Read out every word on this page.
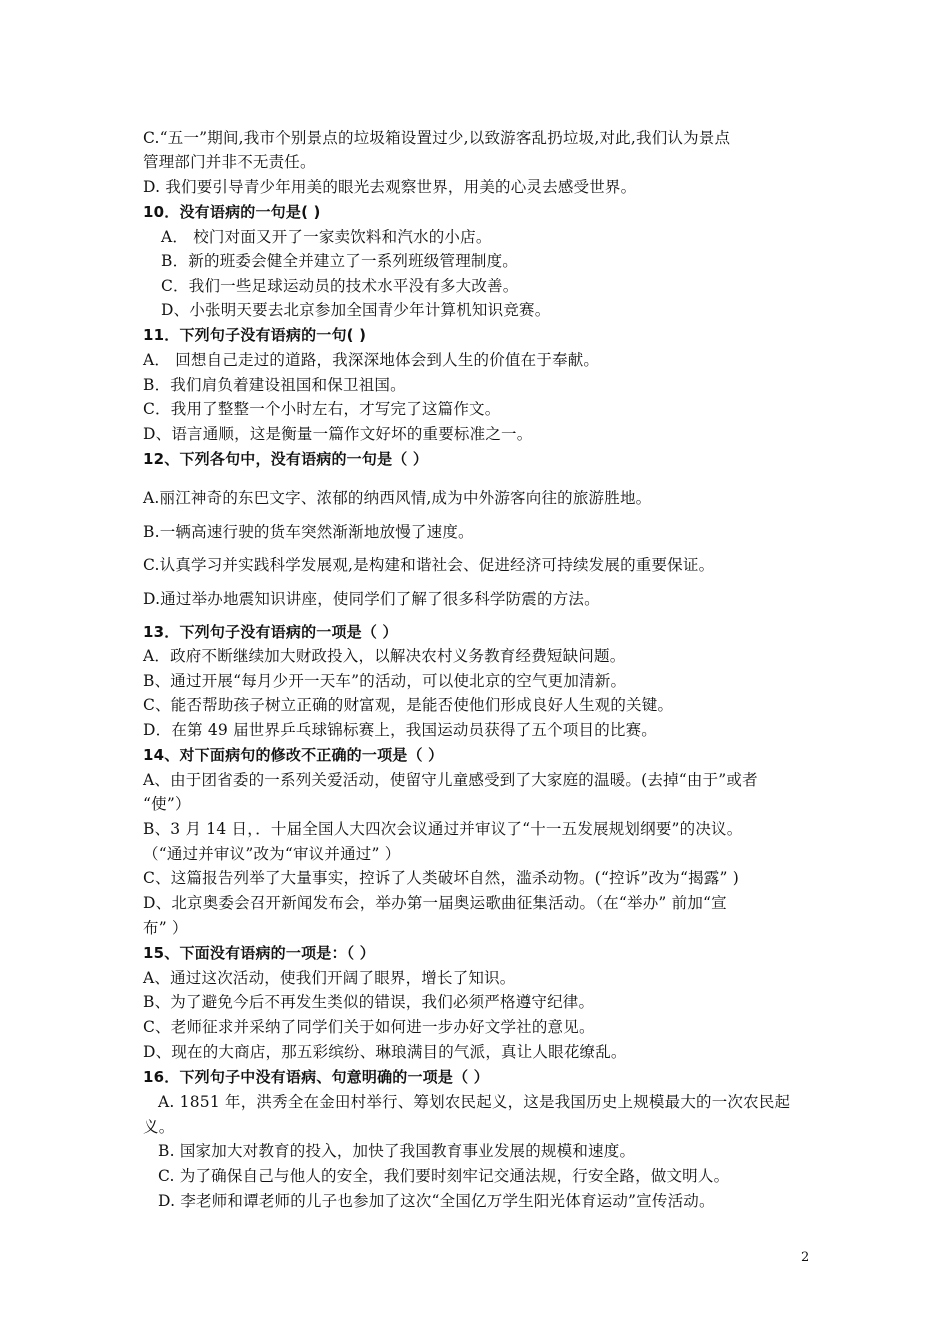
C.“五一”期间,我市个别景点的垃圾箱设置过少,以致游客乱扔垃圾,对此,我们认为景点
管理部门并非不无责任。
D. 我们要引导青少年用美的眼光去观察世界，用美的心灵去感受世界。
10．没有语病的一句是( )
A． 校门对面又开了一家卖饮料和汽水的小店。
B．新的班委会健全并建立了一系列班级管理制度。
C．我们一些足球运动员的技术水平没有多大改善。
D、小张明天要去北京参加全国青少年计算机知识竞赛。
11．下列句子没有语病的一句( )
A． 回想自己走过的道路，我深深地体会到人生的价值在于奉献。
B．我们肩负着建设祖国和保卫祖国。
C．我用了整整一个小时左右，才写完了这篇作文。
D、语言通顺，这是衡量一篇作文好坏的重要标准之一。
12、下列各句中，没有语病的一句是（ ）
A.丽江神奇的东巴文字、浓郁的纳西风情,成为中外游客向往的旅游胜地。
B.一辆高速行驶的货车突然渐渐地放慢了速度。
C.认真学习并实践科学发展观,是构建和谐社会、促进经济可持续发展的重要保证。
D.通过举办地震知识讲座，使同学们了解了很多科学防震的方法。
13．下列句子没有语病的一项是（ ）
A．政府不断继续加大财政投入，以解决农村义务教育经费短缺问题。
B、通过开展“每月少开一天车”的活动，可以使北京的空气更加清新。
C、能否帮助孩子树立正确的财富观，是能否使他们形成良好人生观的关键。
D．在第 49 届世界乒乓球锦标赛上，我国运动员获得了五个项目的比赛。
14、对下面病句的修改不正确的一项是（ ）
A、由于团省委的一系列关爱活动，使留守儿童感受到了大家庭的温暖。(去掉“由于”或者
“使”）
B、3 月 14 日，．十届全国人大四次会议通过并审议了“十一五发展规划纲要”的决议。
（“通过并审议”改为“审议并通过” ）
C、这篇报告列举了大量事实，控诉了人类破坏自然，滥杀动物。(“控诉”改为“揭露” )
D、北京奥委会召开新闻发布会，举办第一届奥运歌曲征集活动。（在“举办” 前加“宣
布” ）
15、下面没有语病的一项是：（ ）
A、通过这次活动，使我们开阔了眼界，增长了知识。
B、为了避免今后不再发生类似的错误，我们必须严格遵守纪律。
C、老师征求并采纳了同学们关于如何进一步办好文学社的意见。
D、现在的大商店，那五彩缤纷、琳琅满目的气派，真让人眼花缭乱。
16．下列句子中没有语病、句意明确的一项是（ ）
A. 1851 年，洪秀全在金田村举行、筹划农民起义，这是我国历史上规模最大的一次农民起
义。
B. 国家加大对教育的投入，加快了我国教育事业发展的规模和速度。
C. 为了确保自己与他人的安全，我们要时刻牢记交通法规，行安全路，做文明人。
D. 李老师和谭老师的儿子也参加了这次“全国亿万学生阳光体育运动”宣传活动。
2
